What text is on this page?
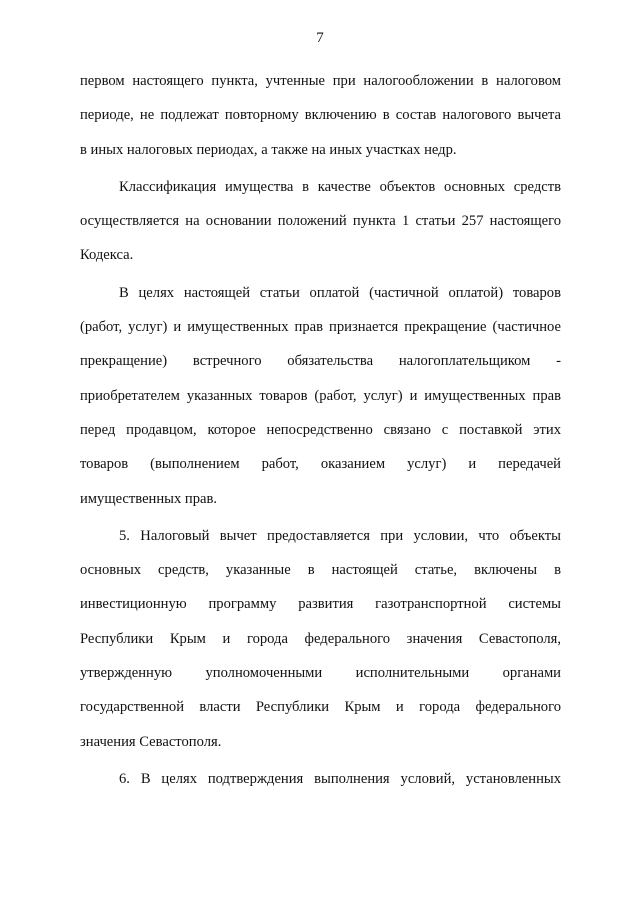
7
первом настоящего пункта, учтенные при налогообложении в налоговом
периоде, не подлежат повторному включению в состав налогового вычета
в иных налоговых периодах, а также на иных участках недр.
Классификация имущества в качестве объектов основных средств
осуществляется на основании положений пункта 1 статьи 257 настоящего
Кодекса.
В целях настоящей статьи оплатой (частичной оплатой) товаров
(работ, услуг) и имущественных прав признается прекращение (частичное
прекращение) встречного обязательства налогоплательщиком -
приобретателем указанных товаров (работ, услуг) и имущественных прав
перед продавцом, которое непосредственно связано с поставкой этих
товаров (выполнением работ, оказанием услуг) и передачей
имущественных прав.
5. Налоговый вычет предоставляется при условии, что объекты
основных средств, указанные в настоящей статье, включены в
инвестиционную программу развития газотранспортной системы
Республики Крым и города федерального значения Севастополя,
утвержденную уполномоченными исполнительными органами
государственной власти Республики Крым и города федерального
значения Севастополя.
6. В целях подтверждения выполнения условий, установленных
